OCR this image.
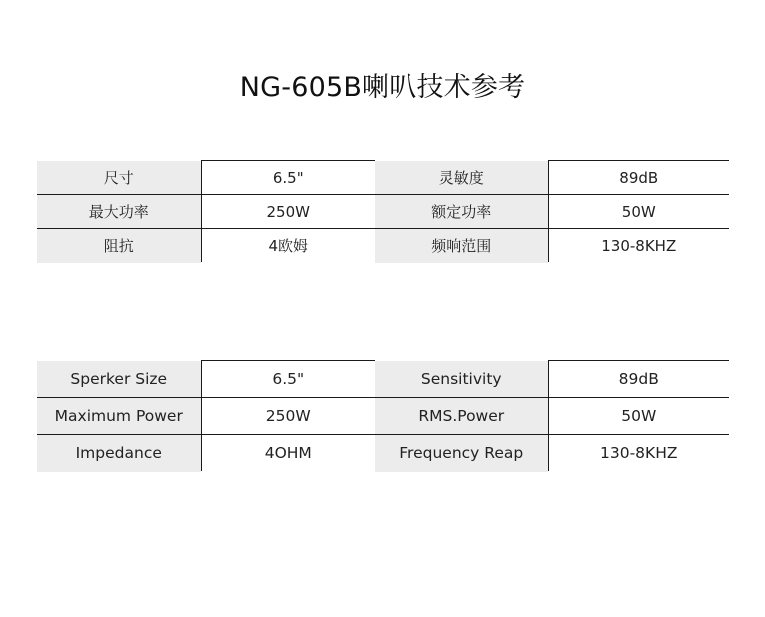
NG-605B喇叭技术参考
尺寸	6.5"	灵敏度	89dB
最大功率	250W	额定功率	50W
阻抗	4欧姆	频响范围	130-8KHZ
Sperker Size	6.5"	Sensitivity	89dB
Maximum Power	250W	RMS.Power	50W
Impedance	4OHM	Frequency Reap	130-8KHZ
